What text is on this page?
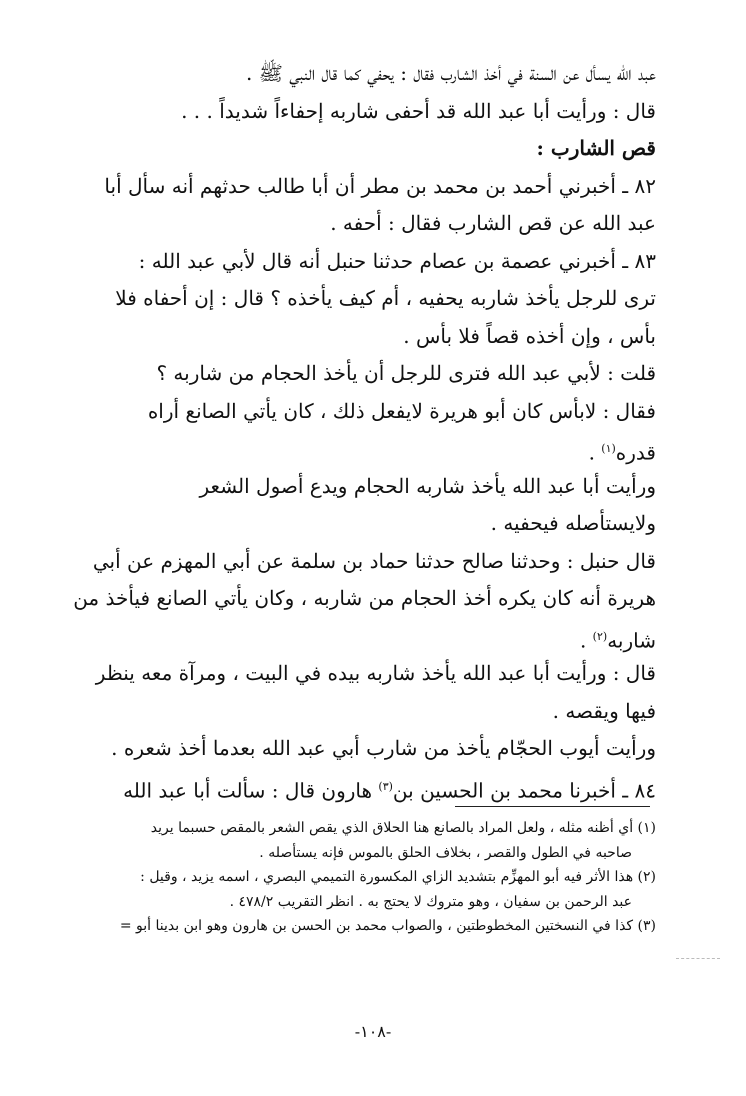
عبد الله يسأل عن السنة في أخذ الشارب فقال : يحفي كما قال النبي ﷺ .
قال : ورأيت أبا عبد الله قد أحفى شاربه إحفاءاً شديداً . . .
قص الشارب :
٨٢ ـ أخبرني أحمد بن محمد بن مطر أن أبا طالب حدثهم أنه سأل أبا
عبد الله عن قص الشارب فقال : أحفه .
٨٣ ـ أخبرني عصمة بن عصام حدثنا حنبل أنه قال لأبي عبد الله :
ترى للرجل يأخذ شاربه يحفيه ، أم كيف يأخذه ؟ قال : إن أحفاه فلا
بأس ، وإن أخذه قصاً فلا بأس .
قلت : لأبي عبد الله فترى للرجل أن يأخذ الحجام من شاربه ؟
فقال : لابأس كان أبو هريرة لايفعل ذلك ، كان يأتي الصانع أراه
قدره$^{(١)}$ .
ورأيت أبا عبد الله يأخذ شاربه الحجام ويدع أصول الشعر
ولايستأصله فيحفيه .
قال حنبل : وحدثنا صالح حدثنا حماد بن سلمة عن أبي المهزم عن أبي
هريرة أنه كان يكره أخذ الحجام من شاربه ، وكان يأتي الصانع فيأخذ من
شاربه$^{(٢)}$ .
قال : ورأيت أبا عبد الله يأخذ شاربه بيده في البيت ، ومرآة معه ينظر
فيها ويقصه .
ورأيت أيوب الحجّام يأخذ من شارب أبي عبد الله بعدما أخذ شعره .
٨٤ ـ أخبرنا محمد بن الحسين بن$^{(٣)}$ هارون قال : سألت أبا عبد الله
(١) أي أظنه مثله ، ولعل المراد بالصانع هنا الحلاق الذي يقص الشعر بالمقص حسبما يريد
صاحبه في الطول والقصر ، بخلاف الحلق بالموس فإنه يستأصله .
(٢) هذا الأثر فيه أبو المهزِّم بتشديد الزاي المكسورة التميمي البصري ، اسمه يزيد ، وقيل :
عبد الرحمن بن سفيان ، وهو متروك لا يحتج به . انظر التقريب ٤٧٨/٢ .
(٣) كذا في النسختين المخطوطتين ، والصواب محمد بن الحسن بن هارون وهو ابن بدينا أبو =
-١٠٨-
